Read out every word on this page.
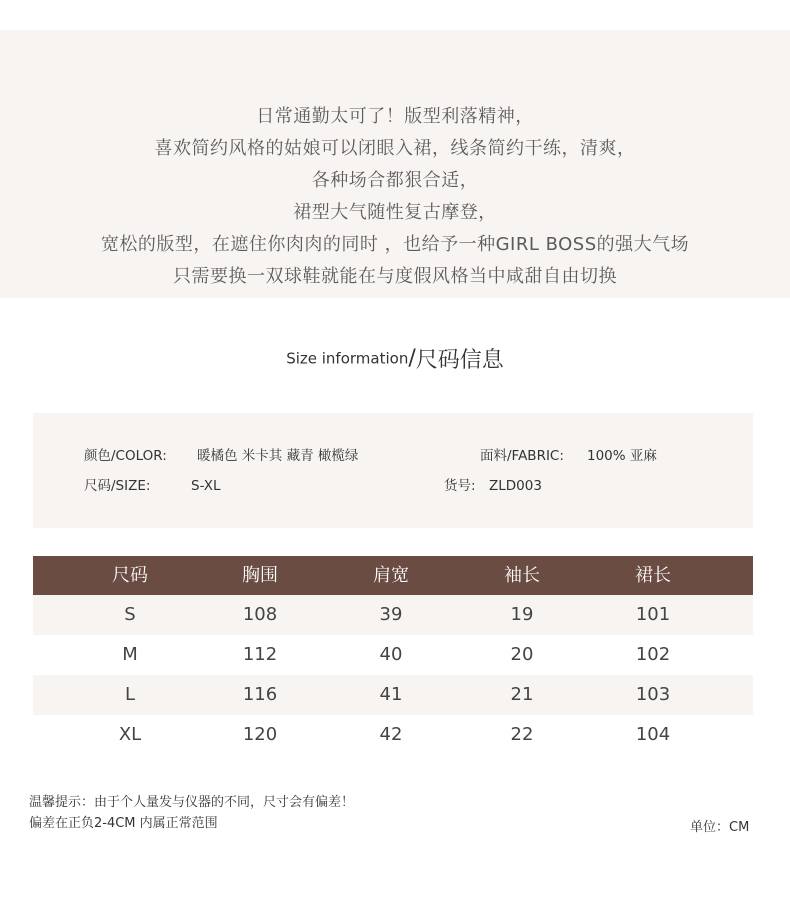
日常通勤太可了！版型利落精神，
喜欢简约风格的姑娘可以闭眼入裙，线条简约干练，清爽，
各种场合都狠合适，
裙型大气随性复古摩登，
宽松的版型，在遮住你肉肉的同时 ，也给予一种GIRL BOSS的强大气场
只需要换一双球鞋就能在与度假风格当中咸甜自由切换
Size information/尺码信息
颜色/COLOR: 暖橘色 米卡其 藏青 橄榄绿	面料/FABRIC: 100% 亚麻
尺码/SIZE:	S-XL	货号: ZLD003
尺码	胸围	肩宽	袖长	裙长
S	108	39	19	101
M	112	40	20	102
L	116	41	21	103
XL	120	42	22	104
温馨提示：由于个人量发与仪器的不同，尺寸会有偏差！
偏差在正负2-4CM 内属正常范围	单位：CM
